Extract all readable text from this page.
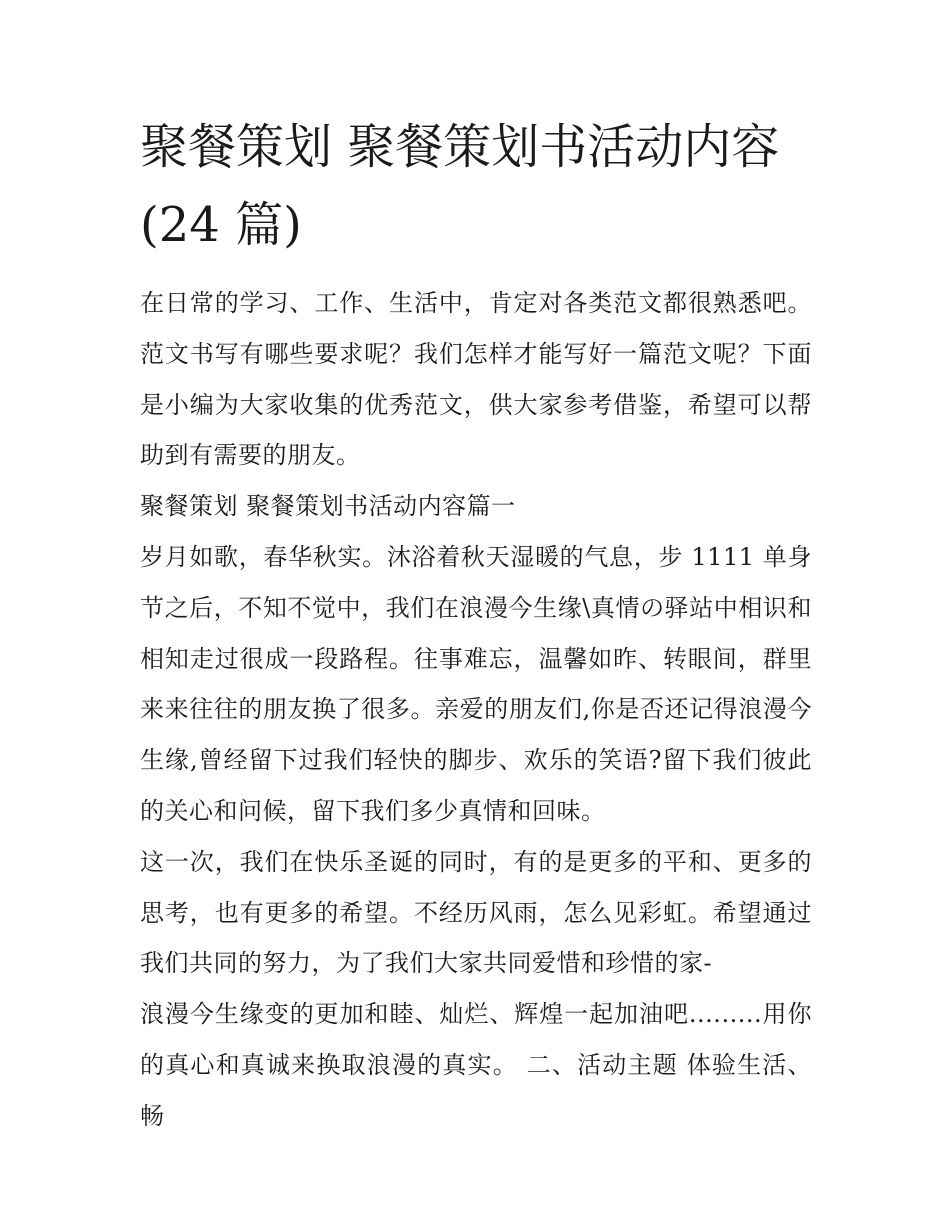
聚餐策划 聚餐策划书活动内容(24 篇)

在日常的学习、工作、生活中，肯定对各类范文都很熟悉吧。范文书写有哪些要求呢？我们怎样才能写好一篇范文呢？下面是小编为大家收集的优秀范文，供大家参考借鉴，希望可以帮助到有需要的朋友。

聚餐策划 聚餐策划书活动内容篇一

岁月如歌，春华秋实。沐浴着秋天湿暖的气息，步 1111 单身节之后，不知不觉中，我们在浪漫今生缘\真情の驿站中相识和相知走过很成一段路程。往事难忘，温馨如昨、转眼间，群里来来往往的朋友换了很多。亲爱的朋友们,你是否还记得浪漫今生缘,曾经留下过我们轻快的脚步、欢乐的笑语?留下我们彼此的关心和问候，留下我们多少真情和回味。

这一次，我们在快乐圣诞的同时，有的是更多的平和、更多的思考，也有更多的希望。不经历风雨，怎么见彩虹。希望通过我们共同的努力，为了我们大家共同爱惜和珍惜的家-

浪漫今生缘变的更加和睦、灿烂、辉煌一起加油吧.........用你的真心和真诚来换取浪漫的真实。 二、活动主题 体验生活、畅
